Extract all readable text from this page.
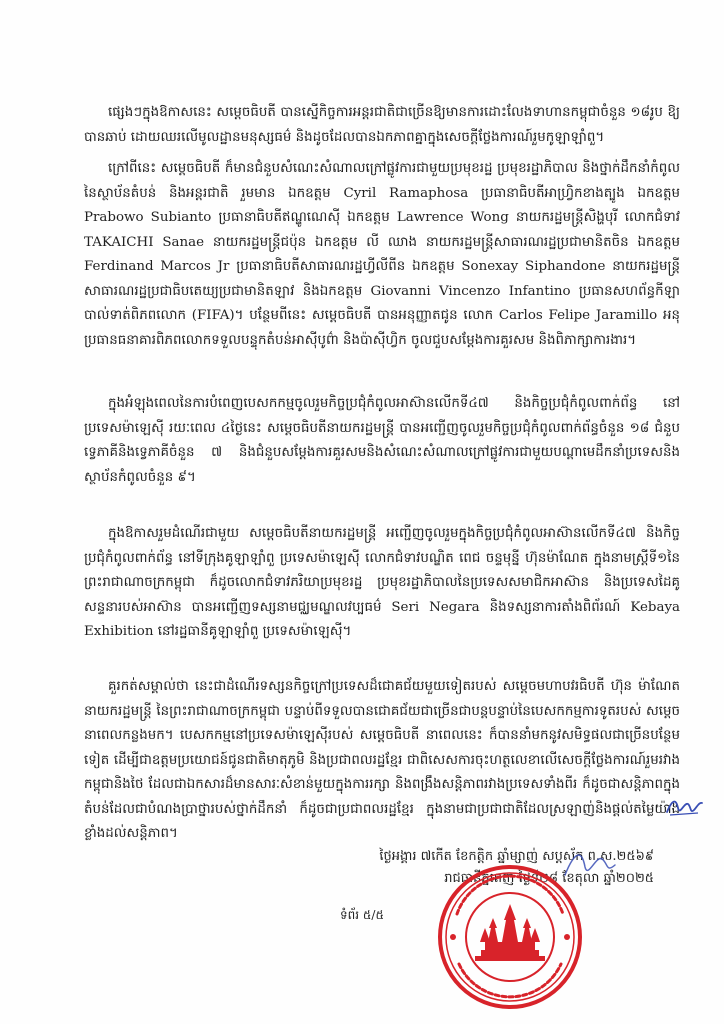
ផ្សេងៗក្នុងឱកាសនេះ សម្តេចធិបតី បានស្នើកិច្ចការអន្តរជាតិជាច្រើនឱ្យមានការដោះលែងទាហានកម្ពុជាចំនួន ១៨រូប ឱ្យបានឆាប់ ដោយឈរលើមូលដ្ឋានមនុស្សធម៌ និងដូចដែលបានឯកភាពគ្នាក្នុងសេចក្តីថ្លែងការណ៍រួមកូឡាឡាំពួ។

ក្រៅពីនេះ សម្តេចធិបតី ក៏មានជំនួបសំណេះសំណាលក្រៅផ្លូវការជាមួយប្រមុខរដ្ឋ ប្រមុខរដ្ឋាភិបាល និងថ្នាក់ដឹកនាំកំពូលនៃស្ថាប័នតំបន់ និងអន្តរជាតិ រួមមាន ឯកឧត្តម Cyril Ramaphosa ប្រធានាធិបតីអាហ្វ្រិកខាងត្បូង ឯកឧត្តម Prabowo Subianto ប្រធានាធិបតីឥណ្ឌូណេស៊ី ឯកឧត្តម Lawrence Wong នាយករដ្ឋមន្ត្រីសិង្ហបុរី លោកជំទាវ TAKAICHI Sanae នាយករដ្ឋមន្ត្រីជប៉ុន ឯកឧត្តម លី ឈាង នាយករដ្ឋមន្ត្រីសាធារណរដ្ឋប្រជាមានិតចិន ឯកឧត្តម Ferdinand Marcos Jr ប្រធានាធិបតីសាធារណរដ្ឋហ្វីលីពីន ឯកឧត្តម Sonexay Siphandone នាយករដ្ឋមន្ត្រីសាធារណរដ្ឋប្រជាធិបតេយ្យប្រជាមានិតឡាវ និងឯកឧត្តម Giovanni Vincenzo Infantino ប្រធានសហព័ន្ធកីឡាបាល់ទាត់ពិភពលោក (FIFA)។ បន្ថែមពីនេះ សម្តេចធិបតី បានអនុញ្ញាតជូន លោក Carlos Felipe Jaramillo អនុប្រធានធនាគារពិភពលោកទទួលបន្ទុកតំបន់អាស៊ីបូព៌ា និងប៉ាស៊ីហ្វិក ចូលជួបសម្តែងការគួរសម និងពិភាក្សាការងារ។

ក្នុងអំឡុងពេលនៃការបំពេញបេសកកម្មចូលរួមកិច្ចប្រជុំកំពូលអាស៊ានលើកទី៤៧ និងកិច្ចប្រជុំកំពូលពាក់ព័ន្ធ នៅប្រទេសម៉ាឡេស៊ី រយៈពេល ៤ថ្ងៃនេះ សម្តេចធិបតីនាយករដ្ឋមន្ត្រី បានអញ្ជើញចូលរួមកិច្ចប្រជុំកំពូលពាក់ព័ន្ធចំនួន ១៨ ជំនួបទ្វេភាគីនិងទ្វេភាគីចំនួន ៧ និងជំនួបសម្តែងការគួរសមនិងសំណេះសំណាលក្រៅផ្លូវការជាមួយបណ្តាមេដឹកនាំប្រទេសនិងស្ថាប័នកំពូលចំនួន ៩។

ក្នុងឱកាសរួមដំណើរជាមួយ សម្តេចធិបតីនាយករដ្ឋមន្ត្រី អញ្ជើញចូលរួមក្នុងកិច្ចប្រជុំកំពូលអាស៊ានលើកទី៤៧ និងកិច្ចប្រជុំកំពូលពាក់ព័ន្ធ នៅទីក្រុងគូឡាឡាំពួ ប្រទេសម៉ាឡេស៊ី លោកជំទាវបណ្ឌិត ពេជ ចន្ទមុន្នី ហ៊ុនម៉ាណែត ក្នុងនាមស្ត្រីទី១នៃព្រះរាជាណាចក្រកម្ពុជា ក៏ដូចលោកជំទាវភរិយាប្រមុខរដ្ឋ ប្រមុខរដ្ឋាភិបាលនៃប្រទេសសមាជិកអាស៊ាន និងប្រទេសដៃគូសន្ទនារបស់អាស៊ាន បានអញ្ជើញទស្សនាមជ្ឈមណ្ឌលវប្បធម៌ Seri Negara និងទស្សនាការតាំងពិព័រណ៍ Kebaya Exhibition នៅរដ្ឋធានីគូឡាឡាំពួ ប្រទេសម៉ាឡេស៊ី។

គួរកត់សម្គាល់ថា នេះជាដំណើរទស្សនកិច្ចក្រៅប្រទេសដ៏ជោគជ័យមួយទៀតរបស់ សម្តេចមហាបវរធិបតី ហ៊ុន ម៉ាណែត នាយករដ្ឋមន្ត្រី នៃព្រះរាជាណាចក្រកម្ពុជា បន្ទាប់ពីទទួលបានជោគជ័យជាច្រើនជាបន្តបន្ទាប់នៃបេសកកម្មការទូតរបស់ សម្តេច នាពេលកន្លងមក។ បេសកកម្មនៅប្រទេសម៉ាឡេស៊ីរបស់ សម្តេចធិបតី នាពេលនេះ ក៏បាននាំមកនូវសមិទ្ធផលជាច្រើនបន្ថែមទៀត ដើម្បីជាឧត្តមប្រយោជន៍ជូនជាតិមាតុភូមិ និងប្រជាពលរដ្ឋខ្មែរ ជាពិសេសការចុះហត្ថលេខាលើសេចក្តីថ្លែងការណ៍រួមរវាងកម្ពុជានិងថៃ ដែលជាឯកសារដ៏មានសារៈសំខាន់មួយក្នុងការរក្សា និងពង្រឹងសន្តិភាពរវាងប្រទេសទាំងពីរ ក៏ដូចជាសន្តិភាពក្នុងតំបន់ដែលជាបំណងប្រាថ្នារបស់ថ្នាក់ដឹកនាំ ក៏ដូចជាប្រជាពលរដ្ឋខ្មែរ ក្នុងនាមជាប្រជាជាតិដែលស្រឡាញ់និងផ្តល់តម្លៃយ៉ាងខ្លាំងដល់សន្តិភាព។

ថ្ងៃអង្គារ ៧កើត ខែកត្តិក ឆ្នាំម្សាញ់ សប្តស័ក ព.ស.២៥៦៩
រាជធានីភ្នំពេញ ថ្ងៃទី២៨ ខែតុលា ឆ្នាំ២០២៥
ទំព័រ ៥/៥
